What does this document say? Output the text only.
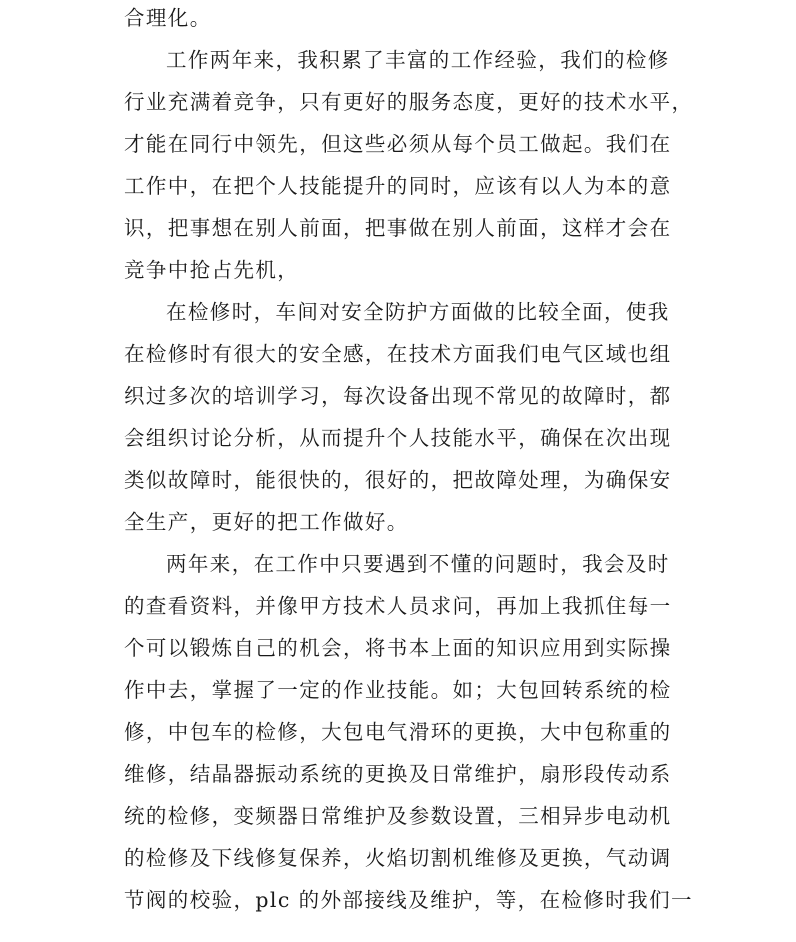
合理化。
工作两年来，我积累了丰富的工作经验，我们的检修
行业充满着竞争，只有更好的服务态度，更好的技术水平，
才能在同行中领先，但这些必须从每个员工做起。我们在
工作中，在把个人技能提升的同时，应该有以人为本的意
识，把事想在别人前面，把事做在别人前面，这样才会在
竞争中抢占先机，
在检修时，车间对安全防护方面做的比较全面，使我
在检修时有很大的安全感，在技术方面我们电气区域也组
织过多次的培训学习，每次设备出现不常见的故障时，都
会组织讨论分析，从而提升个人技能水平，确保在次出现
类似故障时，能很快的，很好的，把故障处理，为确保安
全生产，更好的把工作做好。
两年来，在工作中只要遇到不懂的问题时，我会及时
的查看资料，并像甲方技术人员求问，再加上我抓住每一
个可以锻炼自己的机会，将书本上面的知识应用到实际操
作中去，掌握了一定的作业技能。如；大包回转系统的检
修，中包车的检修，大包电气滑环的更换，大中包称重的
维修，结晶器振动系统的更换及日常维护，扇形段传动系
统的检修，变频器日常维护及参数设置，三相异步电动机
的检修及下线修复保养，火焰切割机维修及更换，气动调
节阀的校验，plc 的外部接线及维护，等，在检修时我们一
